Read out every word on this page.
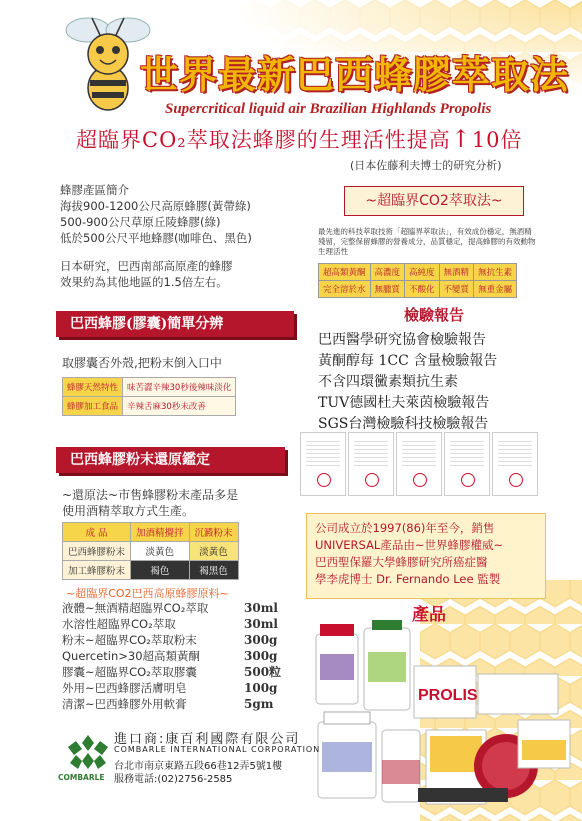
世界最新巴西蜂膠萃取法
Supercritical liquid air Brazilian Highlands Propolis
超臨界CO₂萃取法蜂膠的生理活性提高↑10倍
(日本佐藤利夫博士的研究分析)
蜂膠產區簡介
海拔900-1200公尺高原蜂膠(黃帶綠)
500-900公尺草原丘陵蜂膠(綠)
低於500公尺平地蜂膠(咖啡色、黑色)
日本研究，巴西南部高原產的蜂膠
效果約為其他地區的1.5倍左右。
~超臨界CO2萃取法~
最先進的科技萃取技術「超臨界萃取法」，有效成份穩定，無酒精殘留，完整保留蜂膠的營養成分，品質穩定，提高蜂膠的有效動物生理活性
超高類黃酮	高濃度	高純度	無酒精	無抗生素
完全溶於水	無臘質	不酸化	不變質	無重金屬
巴西蜂膠(膠囊)簡單分辨
取膠囊否外殼,把粉末倒入口中
蜂膠天然特性	味苦澀辛辣30秒後辣味淡化
蜂膠加工食品	辛辣舌麻30秒未改善
巴西蜂膠粉末還原鑑定
~還原法~市售蜂膠粉末產品多是
使用酒精萃取方式生產。
成 品	加酒精攪拌	沉澱粉末
巴西蜂膠粉末	淡黃色	淡黃色
加工蜂膠粉末	褐色	褐黑色
~超臨界CO2巴西高原蜂膠原料~
液體~無酒精超臨界CO₂萃取	30ml
水溶性超臨界CO₂萃取	30ml
粉末~超臨界CO₂萃取粉末	300g
Quercetin>30超高類黃酮	300g
膠囊~超臨界CO₂萃取膠囊	500粒
外用~巴西蜂膠活膚明皂	100g
清潔~巴西蜂膠外用軟膏	5gm
檢驗報告
巴西醫學研究協會檢驗報告
黃酮醇每 1CC 含量檢驗報告
不含四環黴素類抗生素
TUV德國杜夫萊茵檢驗報告
SGS台灣檢驗科技檢驗報告
公司成立於1997(86)年至今，銷售
UNIVERSAL產品由~世界蜂膠權威~
巴西聖保羅大學蜂膠研究所癌症醫
學李虎博士 Dr. Fernando Lee 監製
產品
PROLIS
COMBARLE
進口商:康百利國際有限公司
COMBARLE INTERNATIONAL CORPORATION
台北市南京東路五段66巷12弄5號1樓
服務電話:(02)2756-2585
